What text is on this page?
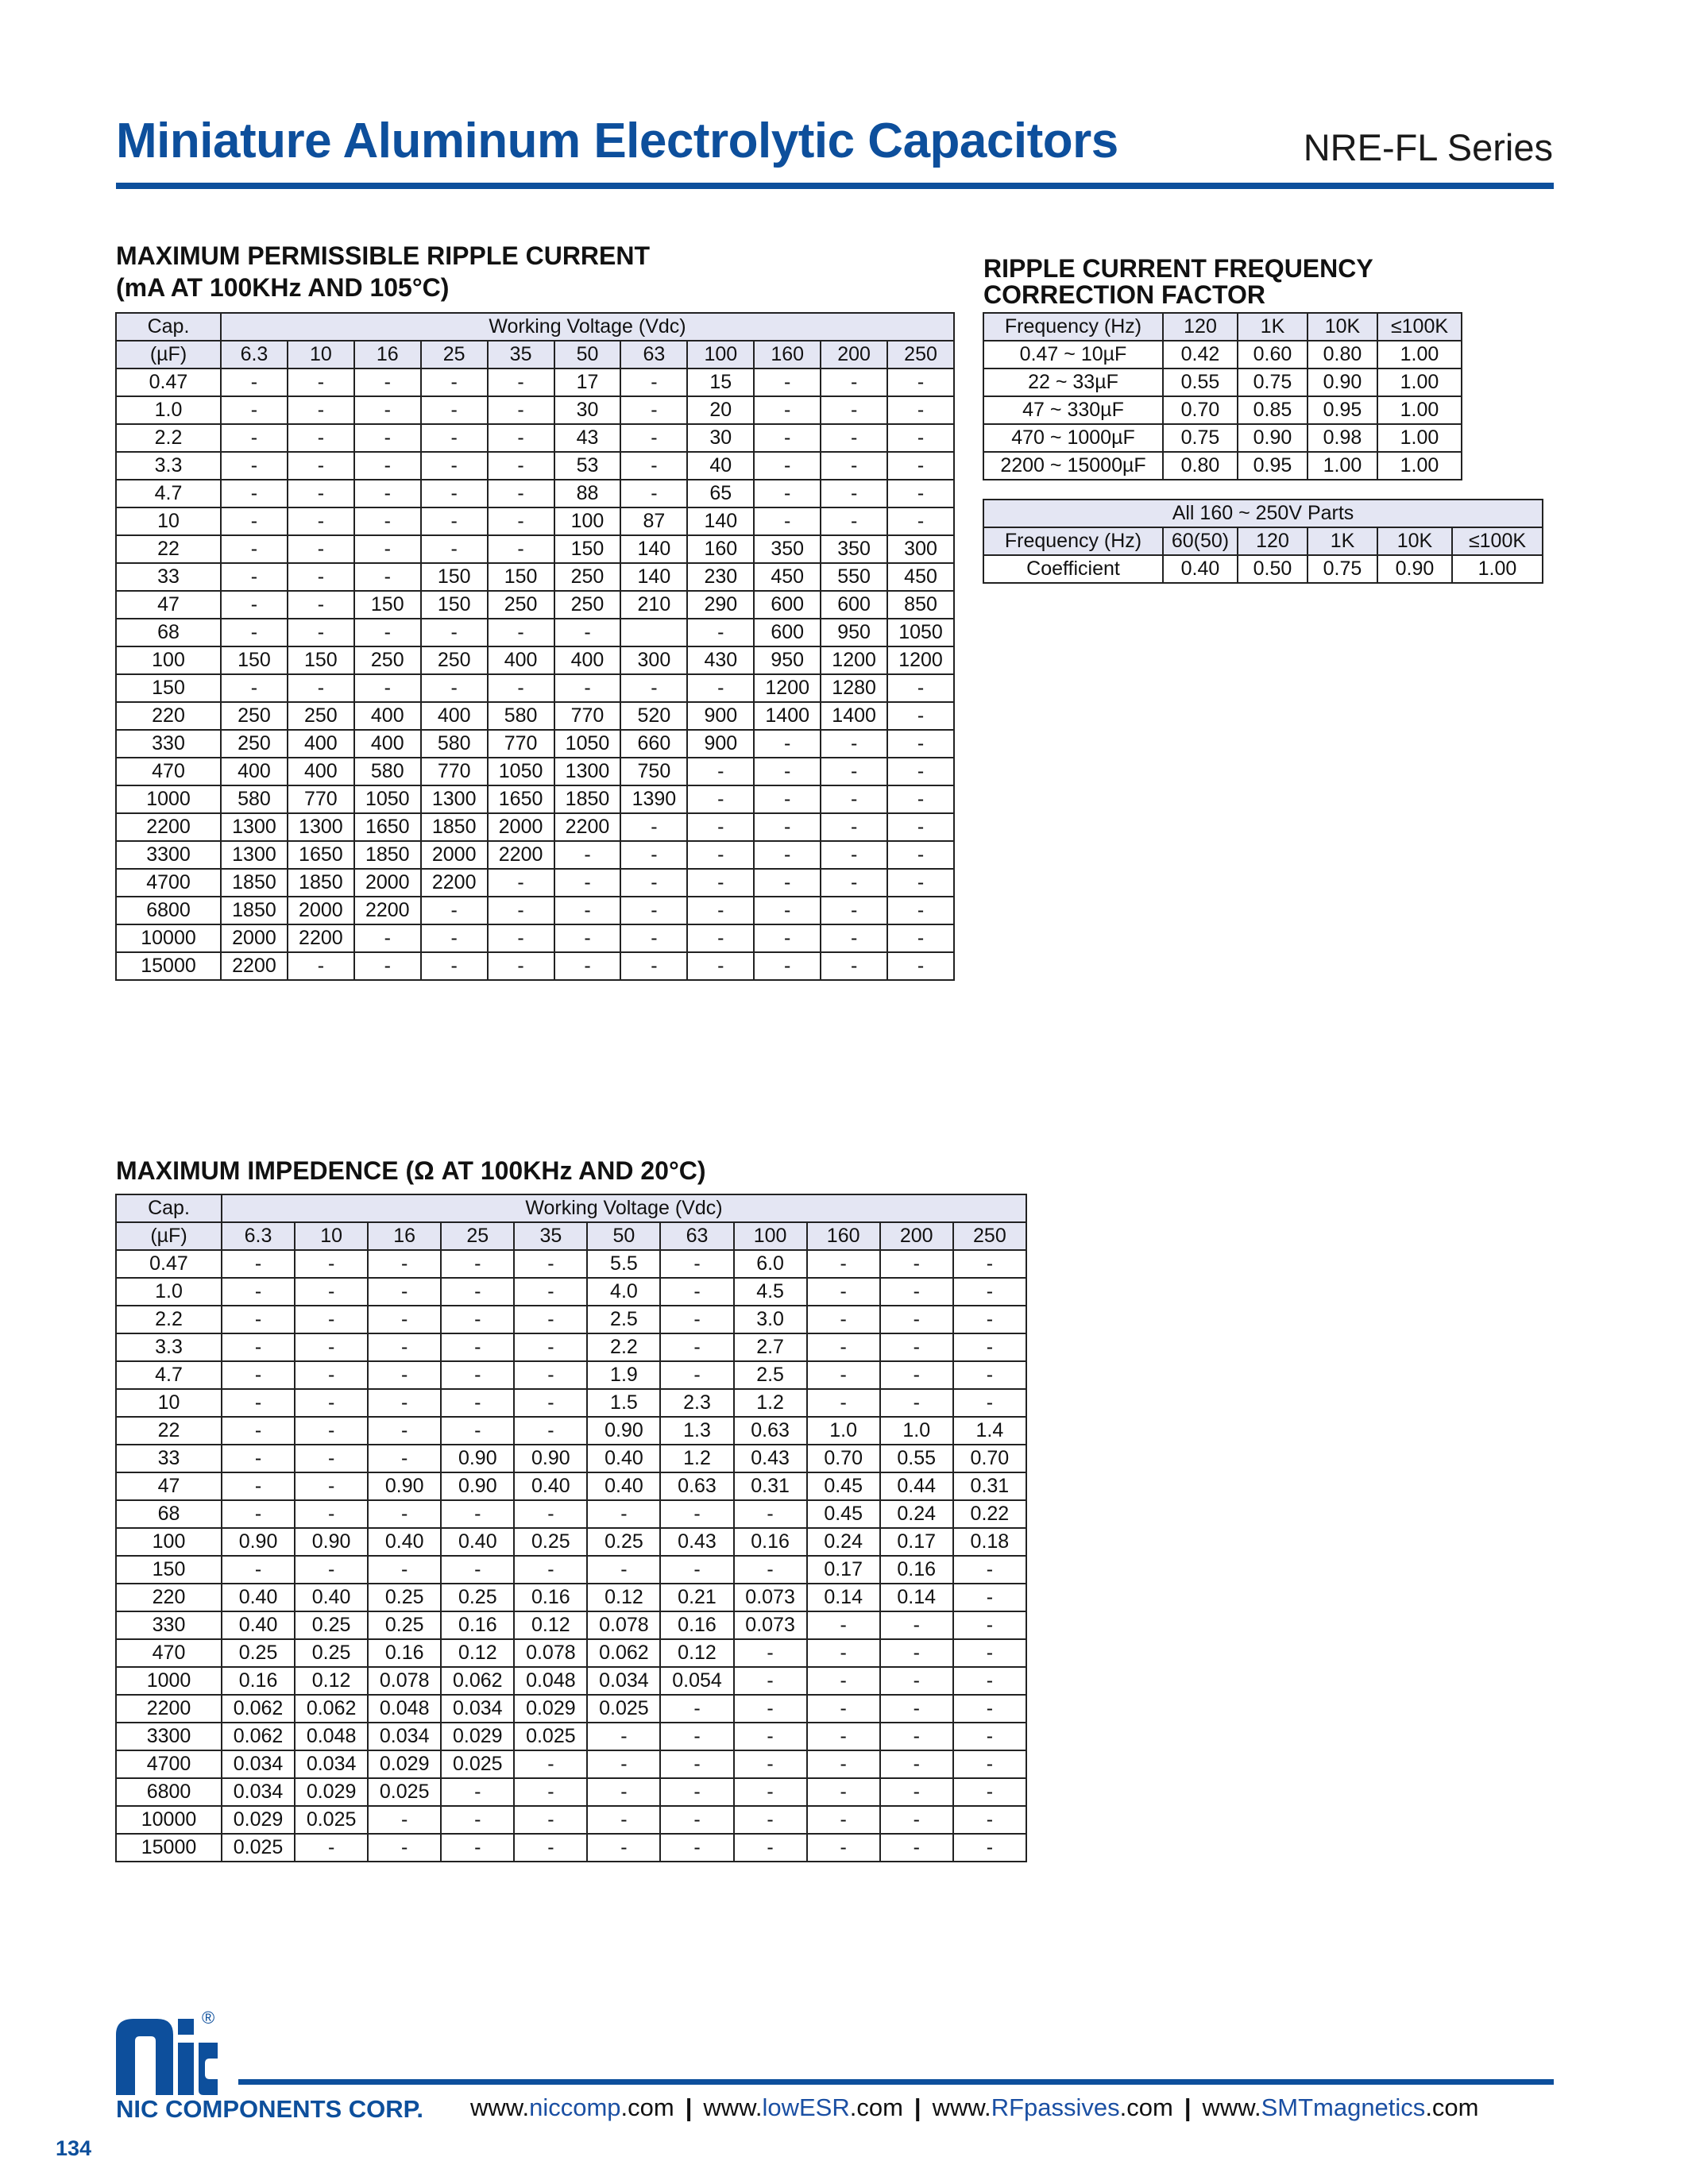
Miniature Aluminum Electrolytic Capacitors	NRE-FL Series
MAXIMUM PERMISSIBLE RIPPLE CURRENT
(mA AT 100KHz AND 105°C)
Cap.	Working Voltage (Vdc)										
(µF)	6.3	10	16	25	35	50	63	100	160	200	250
0.47	-	-	-	-	-	17	-	15	-	-	-
1.0	-	-	-	-	-	30	-	20	-	-	-
2.2	-	-	-	-	-	43	-	30	-	-	-
3.3	-	-	-	-	-	53	-	40	-	-	-
4.7	-	-	-	-	-	88	-	65	-	-	-
10	-	-	-	-	-	100	87	140	-	-	-
22	-	-	-	-	-	150	140	160	350	350	300
33	-	-	-	150	150	250	140	230	450	550	450
47	-	-	150	150	250	250	210	290	600	600	850
68	-	-	-	-	-	-		-	600	950	1050
100	150	150	250	250	400	400	300	430	950	1200	1200
150	-	-	-	-	-	-	-	-	1200	1280	-
220	250	250	400	400	580	770	520	900	1400	1400	-
330	250	400	400	580	770	1050	660	900	-	-	-
470	400	400	580	770	1050	1300	750	-	-	-	-
1000	580	770	1050	1300	1650	1850	1390	-	-	-	-
2200	1300	1300	1650	1850	2000	2200	-	-	-	-	-
3300	1300	1650	1850	2000	2200	-	-	-	-	-	-
4700	1850	1850	2000	2200	-	-	-	-	-	-	-
6800	1850	2000	2200	-	-	-	-	-	-	-	-
10000	2000	2200	-	-	-	-	-	-	-	-	-
15000	2200	-	-	-	-	-	-	-	-	-	-
RIPPLE CURRENT FREQUENCY
CORRECTION FACTOR
Frequency (Hz)	120	1K	10K	≤100K
0.47 ~ 10µF	0.42	0.60	0.80	1.00
22 ~ 33µF	0.55	0.75	0.90	1.00
47 ~ 330µF	0.70	0.85	0.95	1.00
470 ~ 1000µF	0.75	0.90	0.98	1.00
2200 ~ 15000µF	0.80	0.95	1.00	1.00
All 160 ~ 250V Parts					
Frequency (Hz)	60(50)	120	1K	10K	≤100K
Coefficient	0.40	0.50	0.75	0.90	1.00
MAXIMUM IMPEDENCE (Ω AT 100KHz AND 20°C)
Cap.	Working Voltage (Vdc)										
(µF)	6.3	10	16	25	35	50	63	100	160	200	250
0.47	-	-	-	-	-	5.5	-	6.0	-	-	-
1.0	-	-	-	-	-	4.0	-	4.5	-	-	-
2.2	-	-	-	-	-	2.5	-	3.0	-	-	-
3.3	-	-	-	-	-	2.2	-	2.7	-	-	-
4.7	-	-	-	-	-	1.9	-	2.5	-	-	-
10	-	-	-	-	-	1.5	2.3	1.2	-	-	-
22	-	-	-	-	-	0.90	1.3	0.63	1.0	1.0	1.4
33	-	-	-	0.90	0.90	0.40	1.2	0.43	0.70	0.55	0.70
47	-	-	0.90	0.90	0.40	0.40	0.63	0.31	0.45	0.44	0.31
68	-	-	-	-	-	-	-	-	0.45	0.24	0.22
100	0.90	0.90	0.40	0.40	0.25	0.25	0.43	0.16	0.24	0.17	0.18
150	-	-	-	-	-	-	-	-	0.17	0.16	-
220	0.40	0.40	0.25	0.25	0.16	0.12	0.21	0.073	0.14	0.14	-
330	0.40	0.25	0.25	0.16	0.12	0.078	0.16	0.073	-	-	-
470	0.25	0.25	0.16	0.12	0.078	0.062	0.12	-	-	-	-
1000	0.16	0.12	0.078	0.062	0.048	0.034	0.054	-	-	-	-
2200	0.062	0.062	0.048	0.034	0.029	0.025	-	-	-	-	-
3300	0.062	0.048	0.034	0.029	0.025	-	-	-	-	-	-
4700	0.034	0.034	0.029	0.025	-	-	-	-	-	-	-
6800	0.034	0.029	0.025	-	-	-	-	-	-	-	-
10000	0.029	0.025	-	-	-	-	-	-	-	-	-
15000	0.025	-	-	-	-	-	-	-	-	-	-
®
NIC COMPONENTS CORP. www.niccomp.com | www.lowESR.com | www.RFpassives.com | www.SMTmagnetics.com
134
